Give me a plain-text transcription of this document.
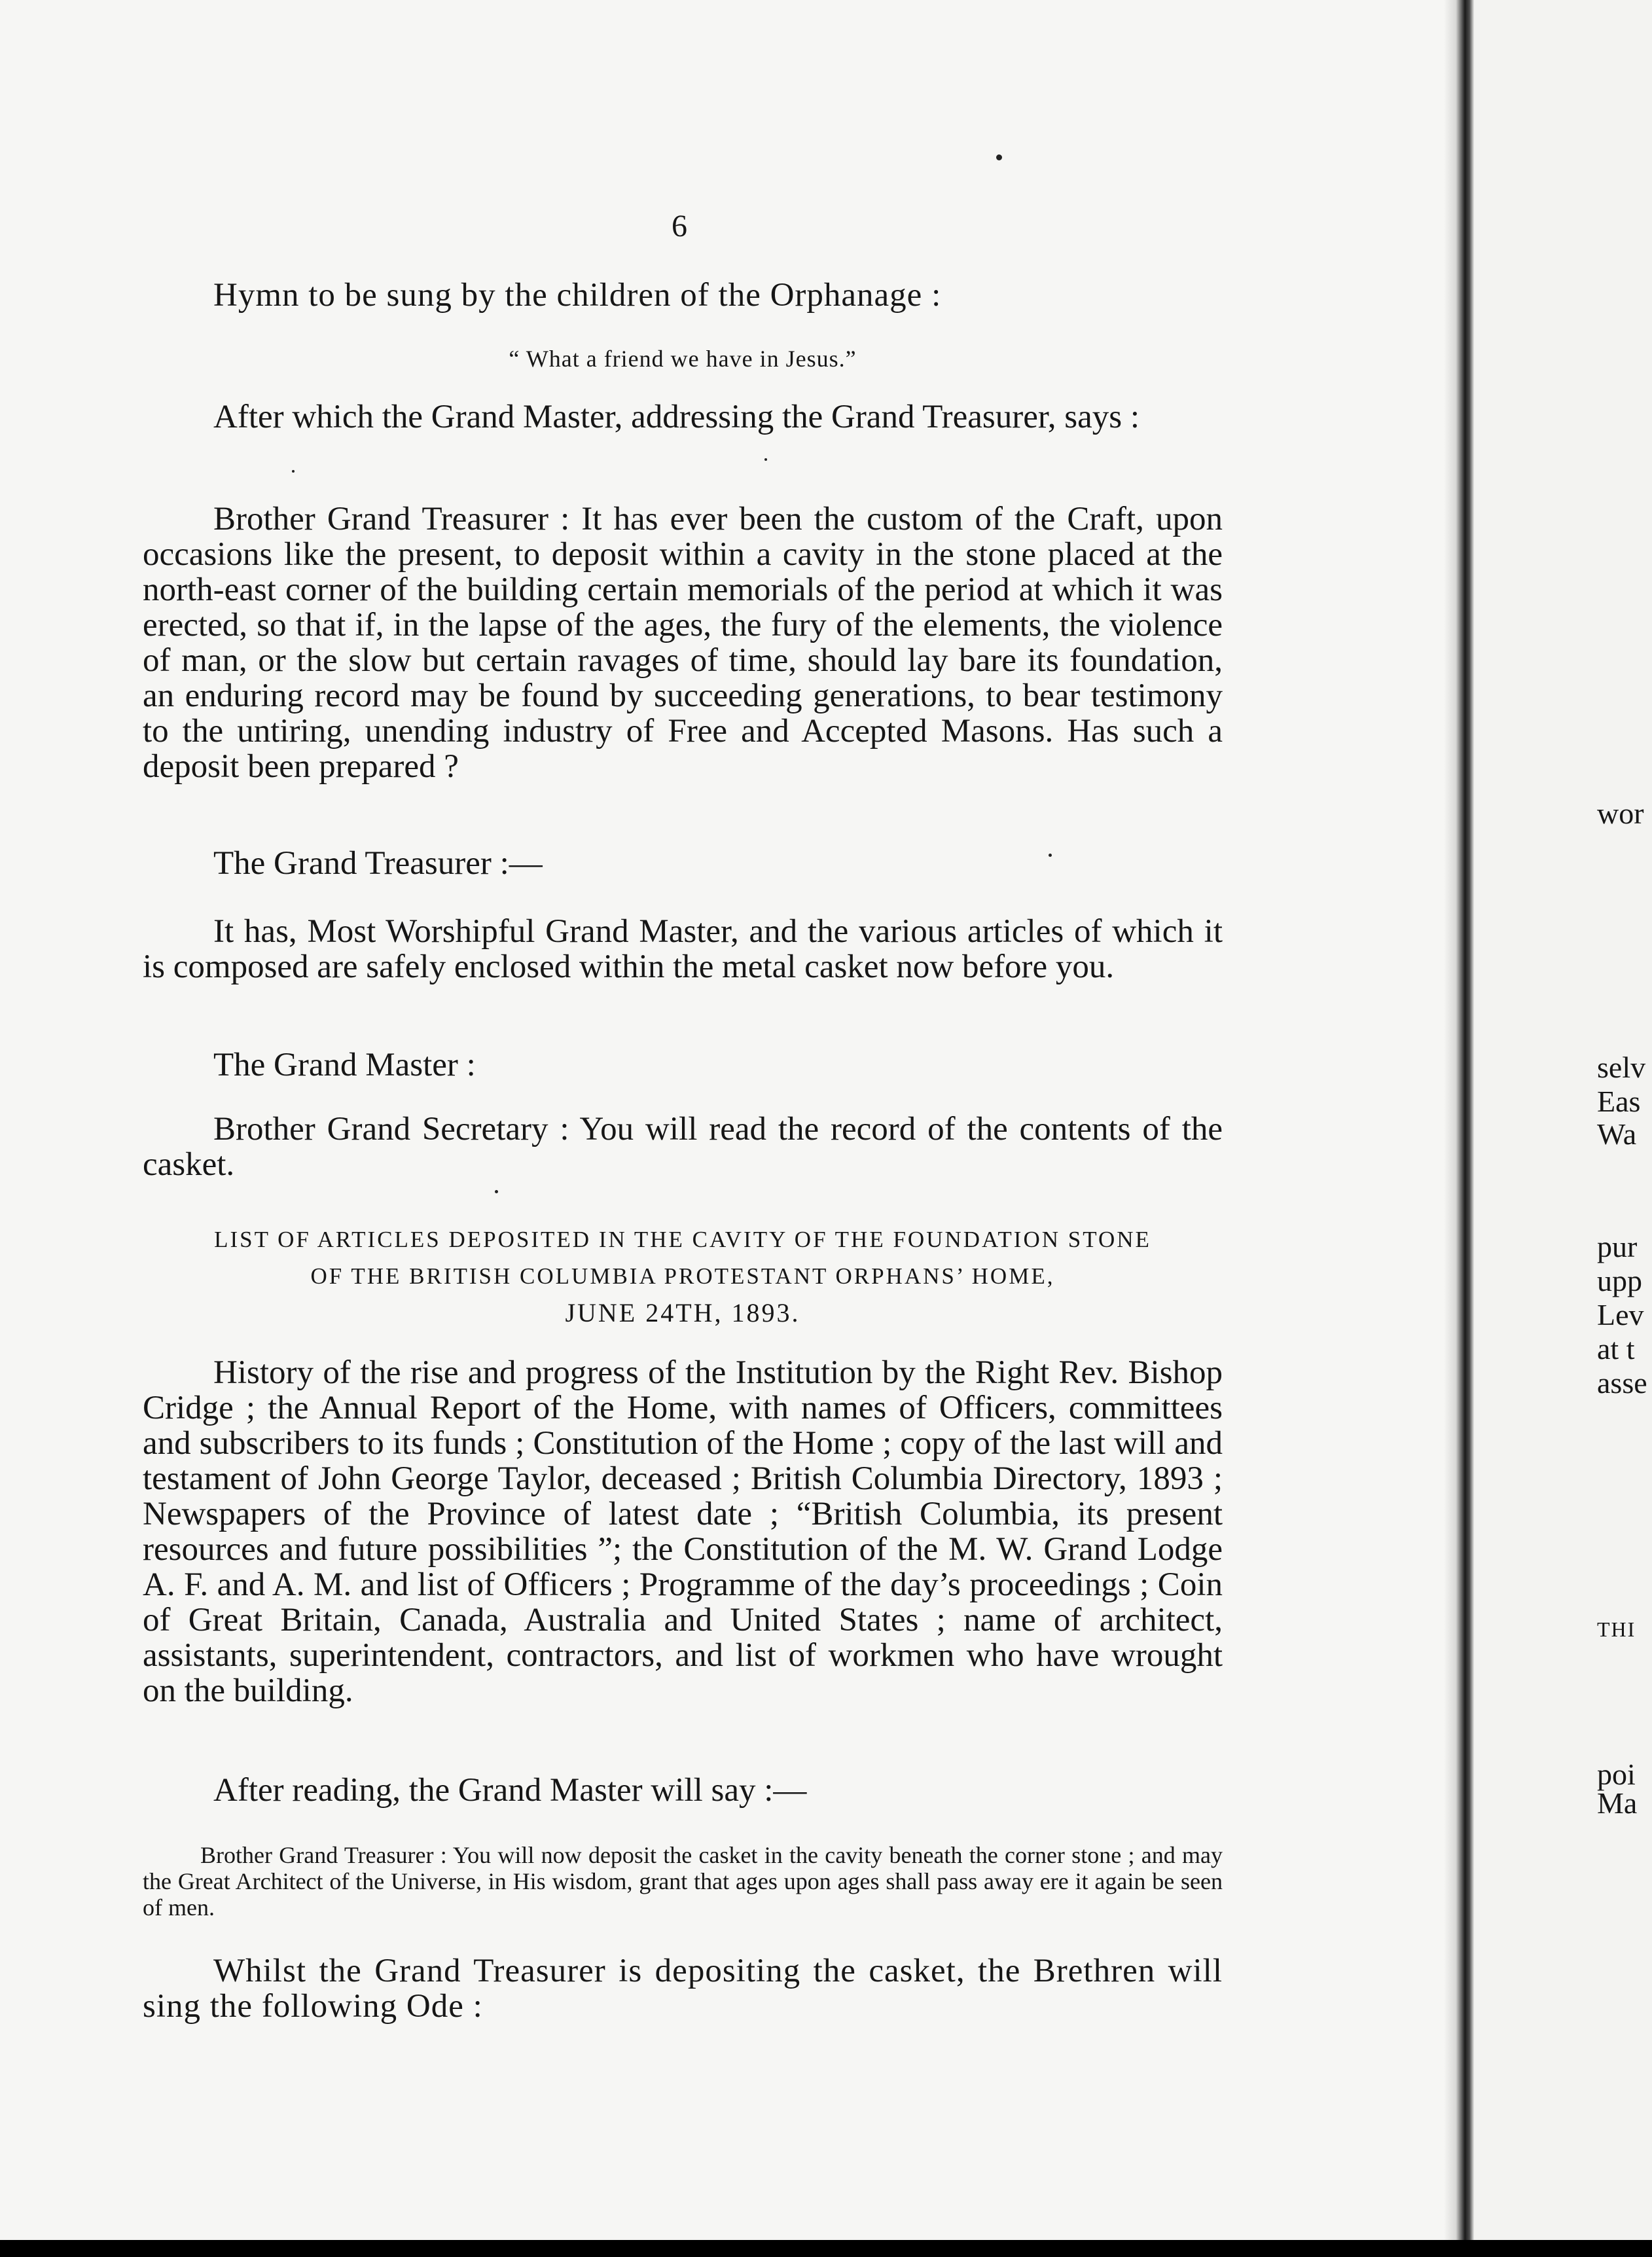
6

Hymn to be sung by the children of the Orphanage :

“ What a friend we have in Jesus.”

After which the Grand Master, addressing the Grand Treasurer, says :

Brother Grand Treasurer : It has ever been the custom of the Craft, upon occasions like the present, to deposit within a cavity in the stone placed at the north-east corner of the building certain memorials of the period at which it was erected, so that if, in the lapse of the ages, the fury of the elements, the violence of man, or the slow but certain ravages of time, should lay bare its foundation, an enduring record may be found by succeeding generations, to bear testimony to the untiring, unending industry of Free and Accepted Masons. Has such a deposit been prepared ?

The Grand Treasurer :—

It has, Most Worshipful Grand Master, and the various articles of which it is composed are safely enclosed within the metal casket now before you.

The Grand Master :

Brother Grand Secretary : You will read the record of the contents of the casket.

LIST OF ARTICLES DEPOSITED IN THE CAVITY OF THE FOUNDATION STONE
OF THE BRITISH COLUMBIA PROTESTANT ORPHANS’ HOME,
JUNE 24TH, 1893.

History of the rise and progress of the Institution by the Right Rev. Bishop Cridge ; the Annual Report of the Home, with names of Officers, committees and subscribers to its funds ; Constitution of the Home ; copy of the last will and testament of John George Taylor, deceased ; British Columbia Directory, 1893 ; Newspapers of the Province of latest date ; “British Columbia, its present resources and future possibilities ”; the Constitution of the M. W. Grand Lodge A. F. and A. M. and list of Officers ; Programme of the day’s proceedings ; Coin of Great Britain, Canada, Australia and United States ; name of architect, assistants, superintendent, contractors, and list of workmen who have wrought on the building.

After reading, the Grand Master will say :—

Brother Grand Treasurer : You will now deposit the casket in the cavity beneath the corner stone ; and may the Great Architect of the Universe, in His wisdom, grant that ages upon ages shall pass away ere it again be seen of men.

Whilst the Grand Treasurer is depositing the casket, the Brethren will sing the following Ode :

wor
selv
Eas
Wa
pur
upp
Lev
at t
asse
THI
poi
Ma
